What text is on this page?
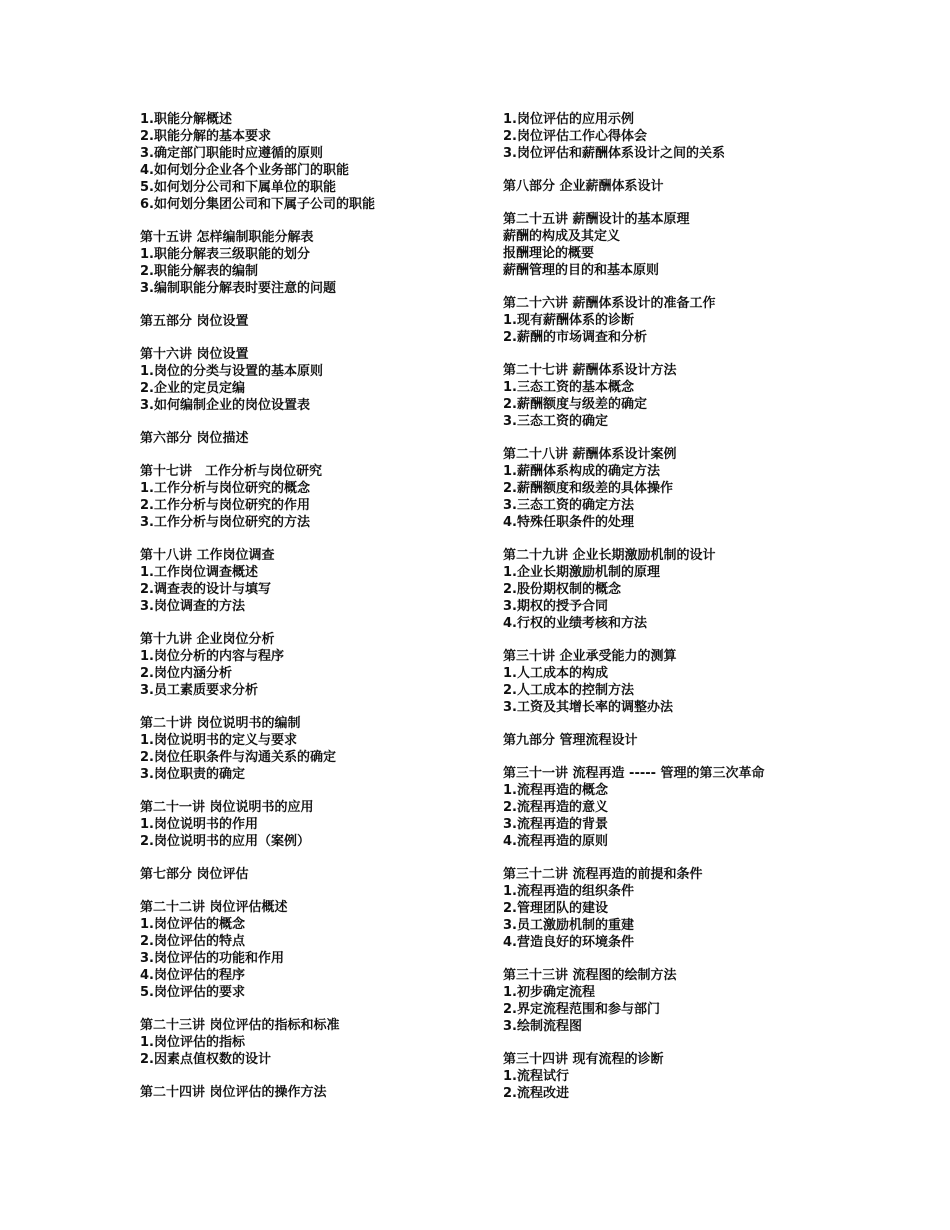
1.职能分解概述
2.职能分解的基本要求
3.确定部门职能时应遵循的原则
4.如何划分企业各个业务部门的职能
5.如何划分公司和下属单位的职能
6.如何划分集团公司和下属子公司的职能
第十五讲 怎样编制职能分解表
1.职能分解表三级职能的划分
2.职能分解表的编制
3.编制职能分解表时要注意的问题
第五部分 岗位设置
第十六讲 岗位设置
1.岗位的分类与设置的基本原则
2.企业的定员定编
3.如何编制企业的岗位设置表
第六部分 岗位描述
第十七讲　工作分析与岗位研究
1.工作分析与岗位研究的概念
2.工作分析与岗位研究的作用
3.工作分析与岗位研究的方法
第十八讲 工作岗位调查
1.工作岗位调查概述
2.调查表的设计与填写
3.岗位调查的方法
第十九讲 企业岗位分析
1.岗位分析的内容与程序
2.岗位内涵分析
3.员工素质要求分析
第二十讲 岗位说明书的编制
1.岗位说明书的定义与要求
2.岗位任职条件与沟通关系的确定
3.岗位职责的确定
第二十一讲 岗位说明书的应用
1.岗位说明书的作用
2.岗位说明书的应用（案例）
第七部分 岗位评估
第二十二讲 岗位评估概述
1.岗位评估的概念
2.岗位评估的特点
3.岗位评估的功能和作用
4.岗位评估的程序
5.岗位评估的要求
第二十三讲 岗位评估的指标和标准
1.岗位评估的指标
2.因素点值权数的设计
第二十四讲 岗位评估的操作方法
1.岗位评估的应用示例
2.岗位评估工作心得体会
3.岗位评估和薪酬体系设计之间的关系
第八部分 企业薪酬体系设计
第二十五讲 薪酬设计的基本原理
薪酬的构成及其定义
报酬理论的概要
薪酬管理的目的和基本原则
第二十六讲 薪酬体系设计的准备工作
1.现有薪酬体系的诊断
2.薪酬的市场调查和分析
第二十七讲 薪酬体系设计方法
1.三态工资的基本概念
2.薪酬额度与级差的确定
3.三态工资的确定
第二十八讲 薪酬体系设计案例
1.薪酬体系构成的确定方法
2.薪酬额度和级差的具体操作
3.三态工资的确定方法
4.特殊任职条件的处理
第二十九讲 企业长期激励机制的设计
1.企业长期激励机制的原理
2.股份期权制的概念
3.期权的授予合同
4.行权的业绩考核和方法
第三十讲 企业承受能力的测算
1.人工成本的构成
2.人工成本的控制方法
3.工资及其增长率的调整办法
第九部分 管理流程设计
第三十一讲 流程再造 ----- 管理的第三次革命
1.流程再造的概念
2.流程再造的意义
3.流程再造的背景
4.流程再造的原则
第三十二讲 流程再造的前提和条件
1.流程再造的组织条件
2.管理团队的建设
3.员工激励机制的重建
4.营造良好的环境条件
第三十三讲 流程图的绘制方法
1.初步确定流程
2.界定流程范围和参与部门
3.绘制流程图
第三十四讲 现有流程的诊断
1.流程试行
2.流程改进
